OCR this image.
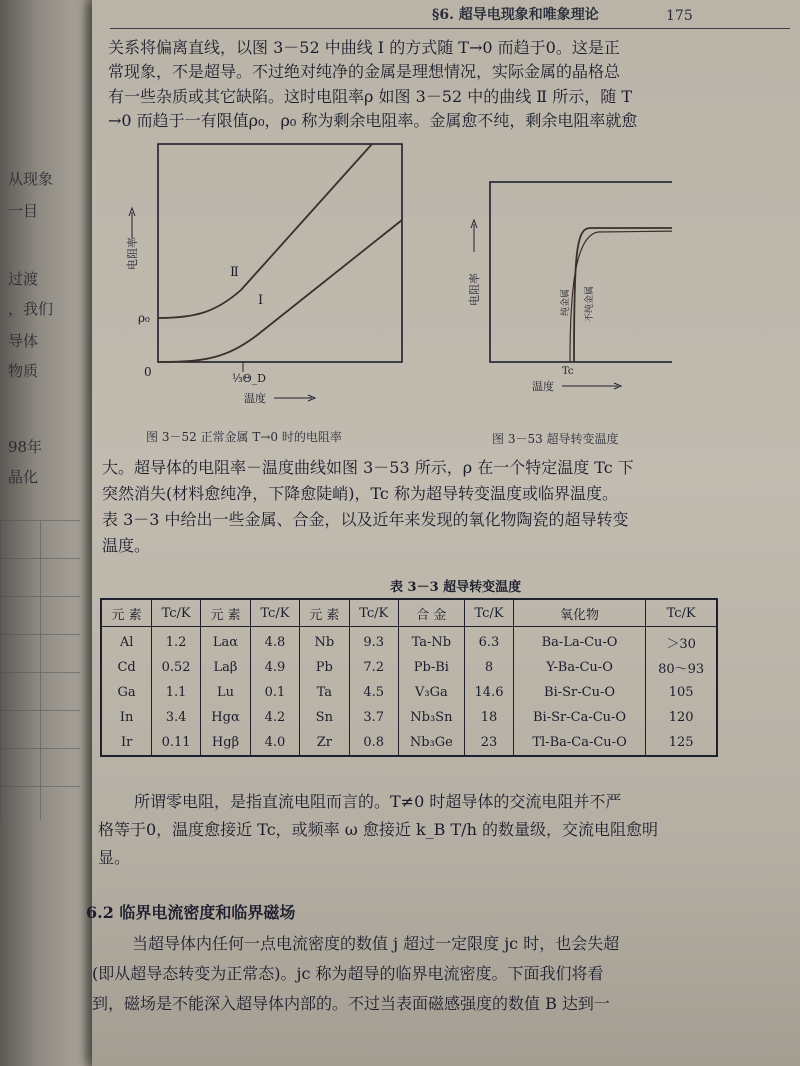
从现象
一目
过渡
，我们
导体
物质
98年
晶化
§6. 超导电现象和唯象理论	175
关系将偏离直线，以图 3－52 中曲线 Ⅰ 的方式随 T→0 而趋于0。这是正
常现象，不是超导。不过绝对纯净的金属是理想情况，实际金属的晶格总
有一些杂质或其它缺陷。这时电阻率ρ 如图 3－52 中的曲线 Ⅱ 所示，随 T
→0 而趋于一有限值ρ₀，ρ₀ 称为剩余电阻率。金属愈不纯，剩余电阻率就愈
Ⅱ
Ⅰ
ρ₀
0	⅓Θ_D
电阻率
温度
纯金属 不纯金属
Tc
电阻率
温度
图 3－52 正常金属 T→0 时的电阻率	图 3－53 超导转变温度
大。超导体的电阻率－温度曲线如图 3－53 所示，ρ 在一个特定温度 Tc 下
突然消失(材料愈纯净，下降愈陡峭)，Tc 称为超导转变温度或临界温度。
表 3－3 中给出一些金属、合金，以及近年来发现的氧化物陶瓷的超导转变
温度。
表 3－3 超导转变温度
元 素	Tc/K	元 素	Tc/K	元 素	Tc/K	合 金	Tc/K	氧化物	Tc/K
Al	1.2	Laα	4.8	Nb	9.3	Ta-Nb	6.3	Ba-La-Cu-O	＞30
Cd	0.52	Laβ	4.9	Pb	7.2	Pb-Bi	8	Y-Ba-Cu-O	80～93
Ga	1.1	Lu	0.1	Ta	4.5	V₃Ga	14.6	Bi-Sr-Cu-O	105
In	3.4	Hgα	4.2	Sn	3.7	Nb₃Sn	18	Bi-Sr-Ca-Cu-O	120
Ir	0.11	Hgβ	4.0	Zr	0.8	Nb₃Ge	23	Tl-Ba-Ca-Cu-O	125
所谓零电阻，是指直流电阻而言的。T≠0 时超导体的交流电阻并不严
格等于0，温度愈接近 Tc，或频率 ω 愈接近 k_B T/h 的数量级，交流电阻愈明
显。
6.2 临界电流密度和临界磁场
当超导体内任何一点电流密度的数值 j 超过一定限度 jc 时，也会失超
(即从超导态转变为正常态)。jc 称为超导的临界电流密度。下面我们将看
到，磁场是不能深入超导体内部的。不过当表面磁感强度的数值 B 达到一
